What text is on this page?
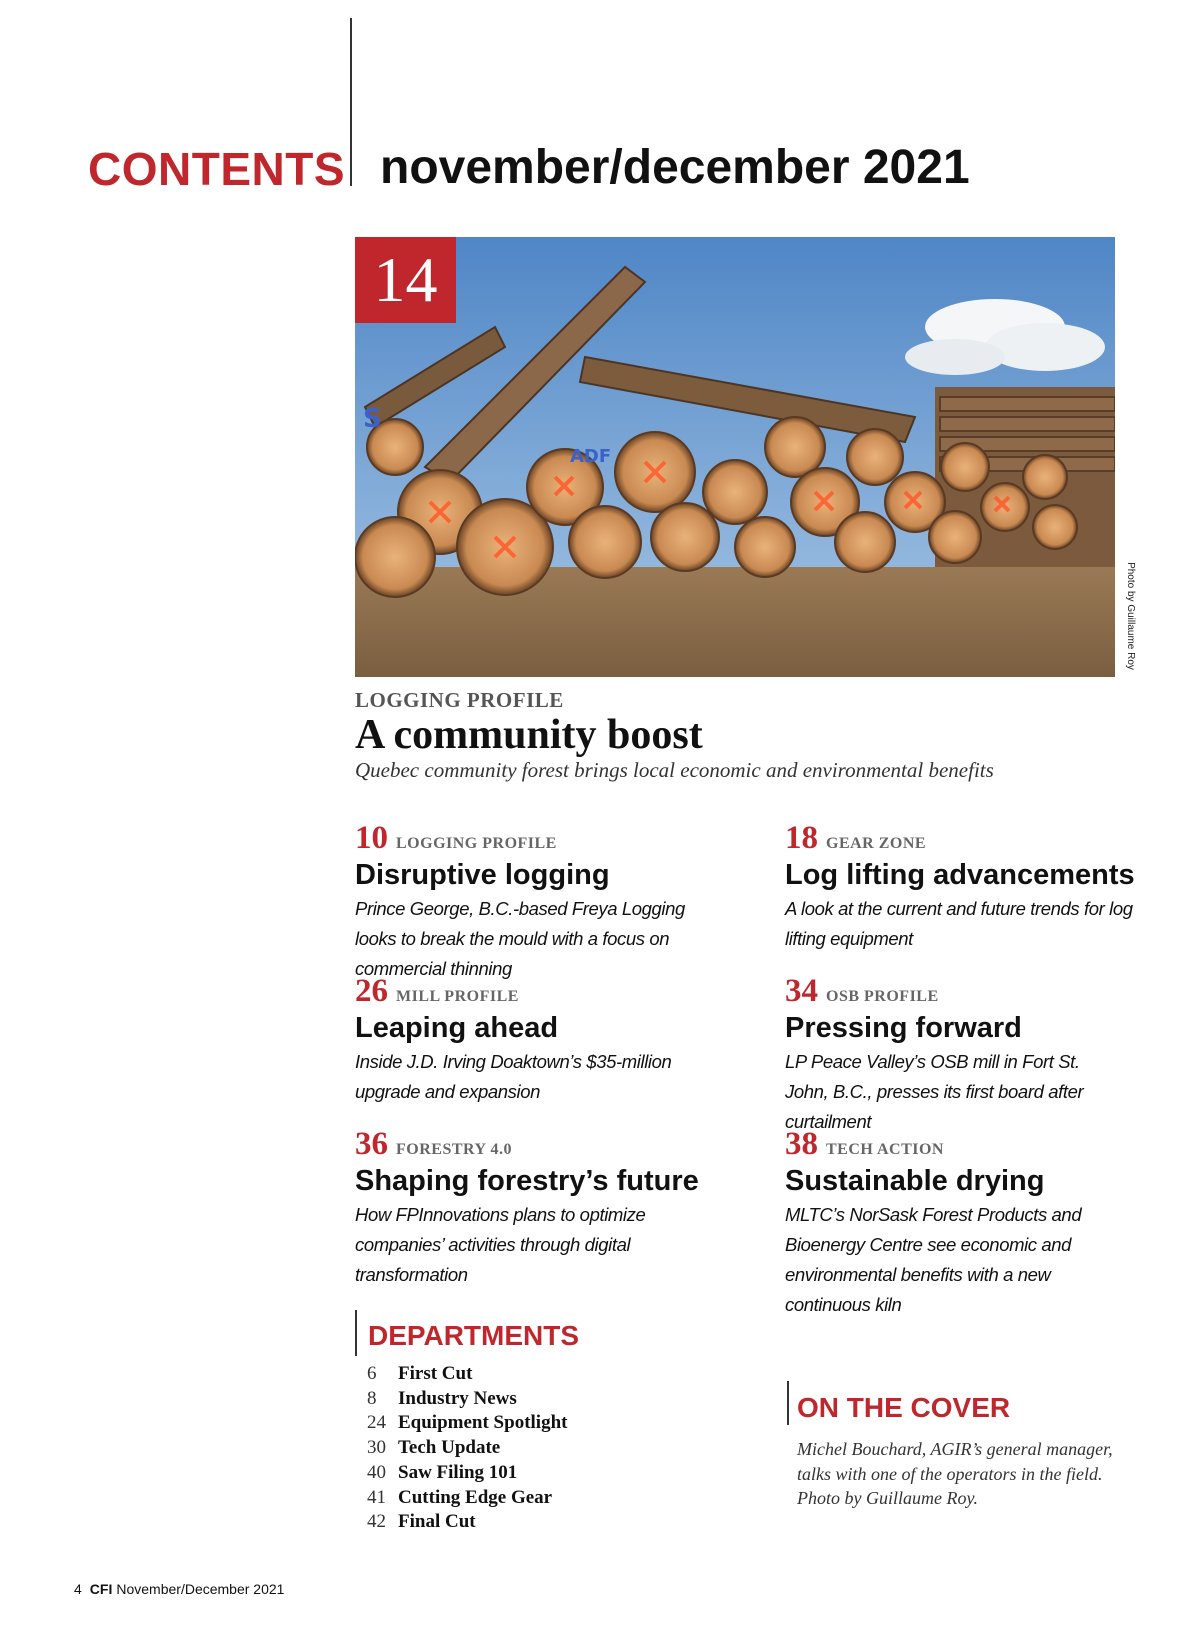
CONTENTS november/december 2021
S
ADF
14
Photo by Guillaume Roy

LOGGING PROFILE

A community boost

Quebec community forest brings local economic and environmental benefits

10 LOGGING PROFILE
Disruptive logging
Prince George, B.C.-based Freya Logging looks to break the mould with a focus on commercial thinning
18 GEAR ZONE
Log lifting advancements
A look at the current and future trends for log lifting equipment
26 MILL PROFILE
Leaping ahead
Inside J.D. Irving Doaktown’s $35-million upgrade and expansion
34 OSB PROFILE
Pressing forward
LP Peace Valley’s OSB mill in Fort St. John, B.C., presses its first board after curtailment
36 FORESTRY 4.0
Shaping forestry’s future
How FPInnovations plans to optimize companies’ activities through digital transformation
38 TECH ACTION
Sustainable drying
MLTC’s NorSask Forest Products and Bioenergy Centre see economic and environmental benefits with a new continuous kiln
DEPARTMENTS
6	First Cut
8	Industry News
24 Equipment Spotlight
30 Tech Update
40 Saw Filing 101
41 Cutting Edge Gear
42 Final Cut
ON THE COVER

Michel Bouchard, AGIR’s general manager, talks with one of the operators in the field. Photo by Guillaume Roy.

4 CFI November/December 2021
